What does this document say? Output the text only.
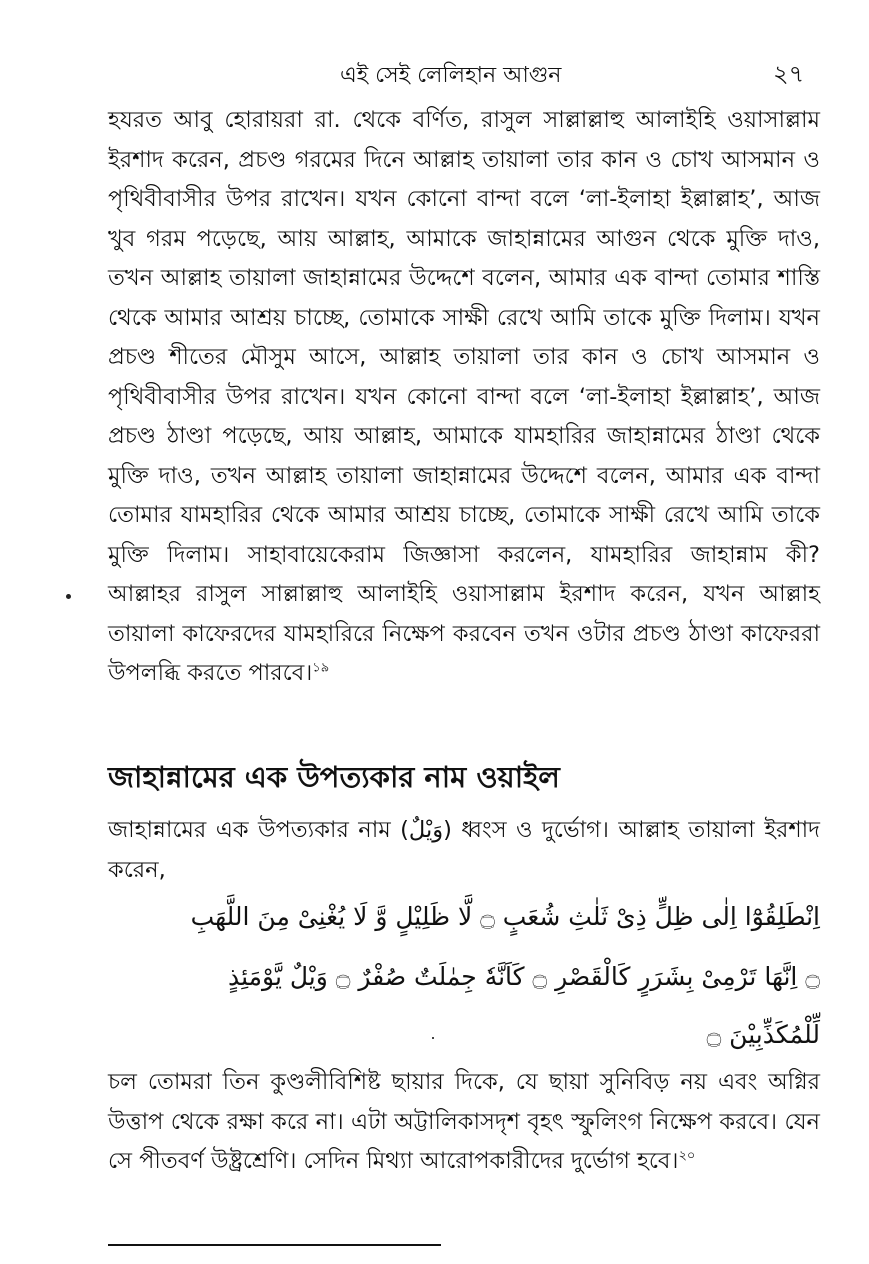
এই সেই লেলিহান আগুন	২৭
হযরত আবু হোরায়রা রা. থেকে বর্ণিত, রাসুল সাল্লাল্লাহু আলাইহি ওয়াসাল্লাম ইরশাদ করেন, প্রচণ্ড গরমের দিনে আল্লাহ তায়ালা তার কান ও চোখ আসমান ও পৃথিবীবাসীর উপর রাখেন। যখন কোনো বান্দা বলে ‘লা-ইলাহা ইল্লাল্লাহ’, আজ খুব গরম পড়েছে, আয় আল্লাহ, আমাকে জাহান্নামের আগুন থেকে মুক্তি দাও, তখন আল্লাহ তায়ালা জাহান্নামের উদ্দেশে বলেন, আমার এক বান্দা তোমার শাস্তি থেকে আমার আশ্রয় চাচ্ছে, তোমাকে সাক্ষী রেখে আমি তাকে মুক্তি দিলাম। যখন প্রচণ্ড শীতের মৌসুম আসে, আল্লাহ তায়ালা তার কান ও চোখ আসমান ও পৃথিবীবাসীর উপর রাখেন। যখন কোনো বান্দা বলে ‘লা-ইলাহা ইল্লাল্লাহ’, আজ প্রচণ্ড ঠাণ্ডা পড়েছে, আয় আল্লাহ, আমাকে যামহারির জাহান্নামের ঠাণ্ডা থেকে মুক্তি দাও, তখন আল্লাহ তায়ালা জাহান্নামের উদ্দেশে বলেন, আমার এক বান্দা তোমার যামহারির থেকে আমার আশ্রয় চাচ্ছে, তোমাকে সাক্ষী রেখে আমি তাকে মুক্তি দিলাম। সাহাবায়েকেরাম জিজ্ঞাসা করলেন, যামহারির জাহান্নাম কী? আল্লাহর রাসুল সাল্লাল্লাহু আলাইহি ওয়াসাল্লাম ইরশাদ করেন, যখন আল্লাহ তায়ালা কাফেরদের যামহারিরে নিক্ষেপ করবেন তখন ওটার প্রচণ্ড ঠাণ্ডা কাফেররা উপলব্ধি করতে পারবে।$^{১৯}$
জাহান্নামের এক উপত্যকার নাম ওয়াইল
জাহান্নামের এক উপত্যকার নাম (وَيْلٌ) ধ্বংস ও দুর্ভোগ। আল্লাহ তায়ালা ইরশাদ করেন,
اِنْطَلِقُوْٓا اِلٰى ظِلٍّ ذِىْ ثَلٰثِ شُعَبٍ ۝ لَّا ظَلِيْلٍ وَّ لَا يُغْنِىْ مِنَ اللَّهَبِ
۝ اِنَّهَا تَرْمِىْ بِشَرَرٍ كَالْقَصْرِ ۝ كَاَنَّهٗ جِمٰلَتٌ صُفْرٌ ۝ وَيْلٌ يَّوْمَئِذٍ
لِّلْمُكَذِّبِيْنَ ۝
চল তোমরা তিন কুণ্ডলীবিশিষ্ট ছায়ার দিকে, যে ছায়া সুনিবিড় নয় এবং অগ্নির উত্তাপ থেকে রক্ষা করে না। এটা অট্টালিকাসদৃশ বৃহৎ স্ফুলিংগ নিক্ষেপ করবে। যেন সে পীতবর্ণ উষ্ট্রশ্রেণি। সেদিন মিথ্যা আরোপকারীদের দুর্ভোগ হবে।$^{২০}$
